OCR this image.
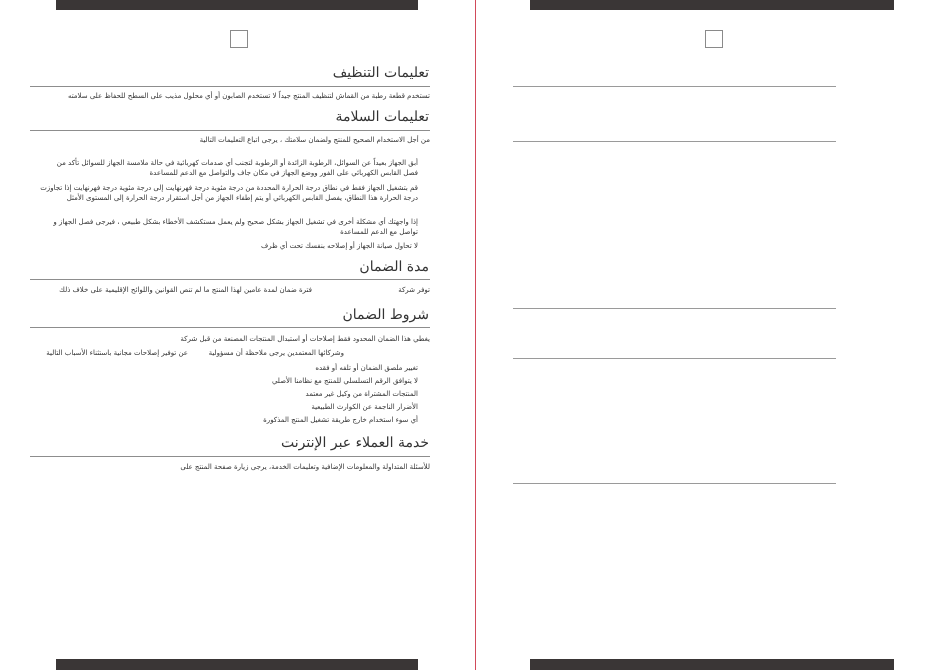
تعليمات التنظيف
تستخدم قطعة رطبة من القماش لتنظيف المنتج جيداً لا تستخدم الصابون أو أي محلول مذيب على السطح للحفاظ على سلامته
تعليمات السلامة
من أجل الاستخدام الصحيح للمنتج ولضمان سلامتك ، يرجى اتباع التعليمات التالية
أبق الجهاز بعيداً عن السوائل، الرطوبة الزائدة أو الرطوبة لتجنب أي صدمات كهربائية في حالة ملامسة الجهاز للسوائل تأكد من فصل القابس الكهربائي على الفور ووضع الجهاز في مكان جاف والتواصل مع الدعم للمساعدة
قم بتشغيل الجهاز فقط في نطاق درجة الحرارة المحددة من درجة مئوية درجة فهرنهايت إلى درجة مئوية درجة فهرنهايت إذا تجاوزت درجة الحرارة هذا النطاق، يفصل القابس الكهربائي أو يتم إطفاء الجهاز من أجل استقرار درجة الحرارة إلى المستوى الأمثل
إذا واجهتك أي مشكلة أخرى في تشغيل الجهاز بشكل صحيح ولم يعمل مستكشف الأخطاء بشكل طبيعي ، فيرجى فصل الجهاز و تواصل مع الدعم للمساعدة
لا تحاول صيانة الجهاز أو إصلاحه بنفسك تحت أي ظرف
مدة الضمان
توفر شركة
فترة ضمان لمدة عامين لهذا المنتج ما لم تنص القوانين واللوائح الإقليمية على خلاف ذلك
شروط الضمان
يغطي هذا الضمان المحدود فقط إصلاحات أو استبدال المنتجات المصنعة من قبل شركة
وشركائها المعتمدين يرجى ملاحظة أن مسؤولية
عن توفير إصلاحات مجانية باستثناء الأسباب التالية
تغيير ملصق الضمان أو تلفه أو فقده
لا يتوافق الرقم التسلسلي للمنتج مع نظامنا الأصلي
المنتجات المشتراة من وكيل غير معتمد
الأضرار الناجمة عن الكوارث الطبيعية
أي سوء استخدام خارج طريقة تشغيل المنتج المذكورة
خدمة العملاء عبر الإنترنت
للأسئلة المتداولة والمعلومات الإضافية وتعليمات الخدمة، يرجى زيارة صفحة المنتج على
